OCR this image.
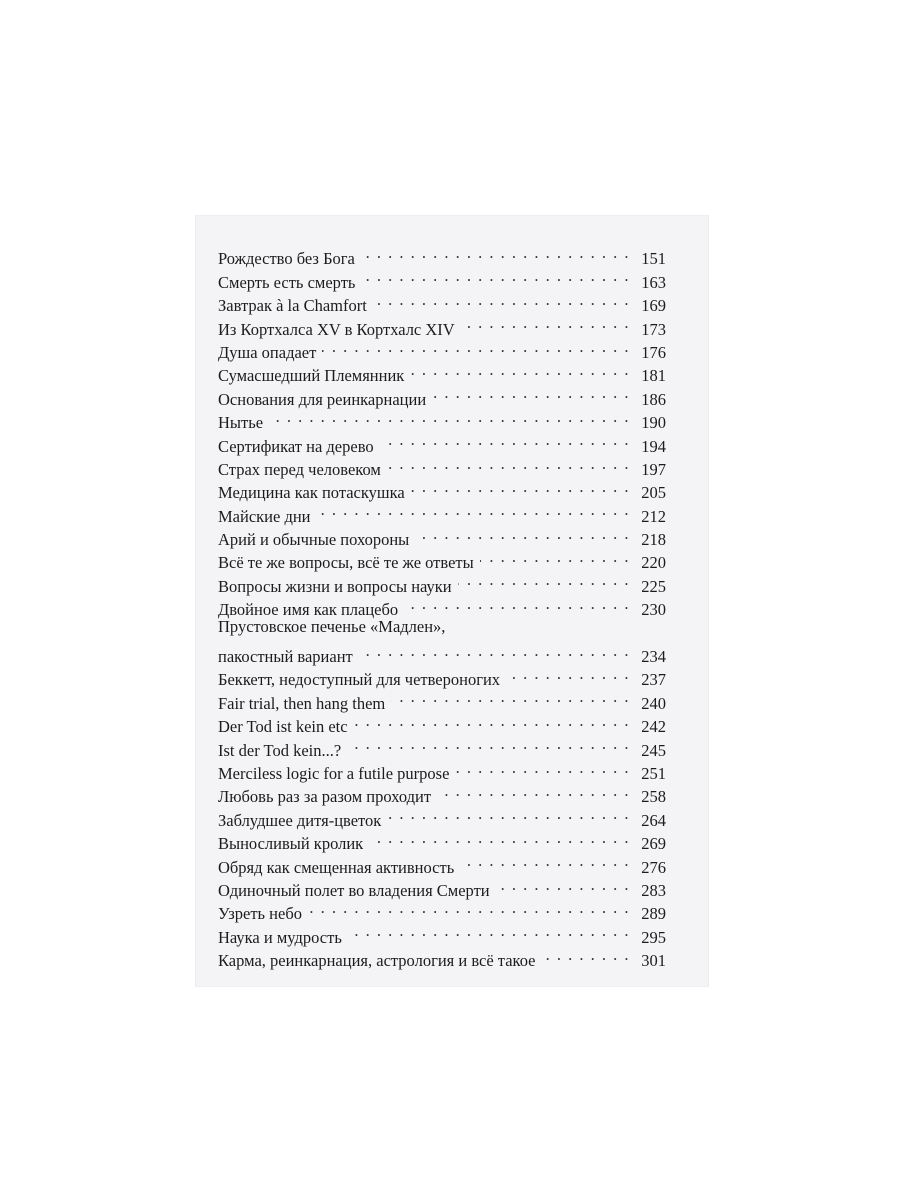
Рождество без Бога . . .	151
Смерть есть смерть . . .	163
Завтрак à la Chamfort . . .	169
Из Кортхалса XV в Кортхалс XIV . . .	173
Душа опадает . . .	176
Сумасшедший Племянник . . .	181
Основания для реинкарнации . . .	186
Нытье . . .	190
Сертификат на дерево . . .	194
Страх перед человеком . . .	197
Медицина как потаскушка . . .	205
Майские дни . . .	212
Арий и обычные похороны . . .	218
Всё те же вопросы, всё те же ответы . . .	220
Вопросы жизни и вопросы науки . . .	225
Двойное имя как плацебо . . .	230
Прустовское печенье «Мадлен»,
пакостный вариант . . .	234
Беккетт, недоступный для четвероногих . . .	237
Fair trial, then hang them . . .	240
Der Tod ist kein etc . . .	242
Ist der Tod kein...? . . .	245
Merciless logic for a futile purpose . . .	251
Любовь раз за разом проходит . . .	258
Заблудшее дитя-цветок . . .	264
Выносливый кролик . . .	269
Обряд как смещенная активность . . .	276
Одиночный полет во владения Смерти . . .	283
Узреть небо . . .	289
Наука и мудрость . . .	295
Карма, реинкарнация, астрология и всё такое . . .	301
